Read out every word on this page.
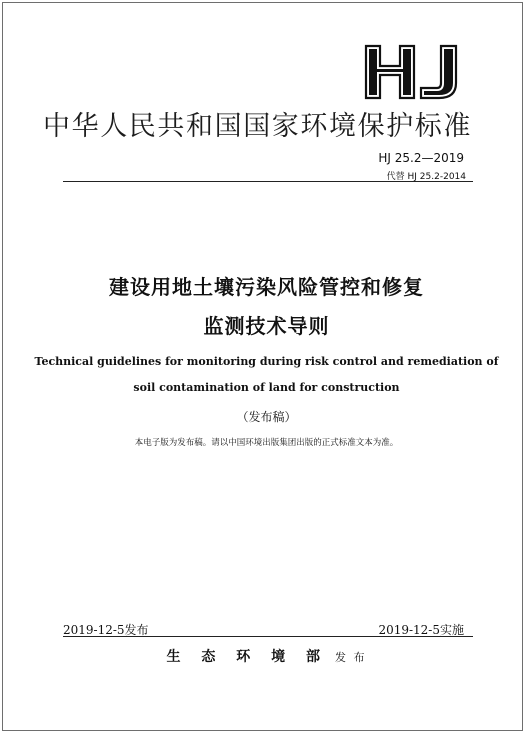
中华人民共和国国家环境保护标准
HJ 25.2—2019
代替 HJ 25.2-2014
建设用地土壤污染风险管控和修复
监测技术导则
Technical guidelines for monitoring during risk control and remediation of
soil contamination of land for construction
（发布稿）
本电子版为发布稿。请以中国环境出版集团出版的正式标准文本为准。
2019-12-5发布	2019-12-5实施
生 态 环 境 部 发 布
